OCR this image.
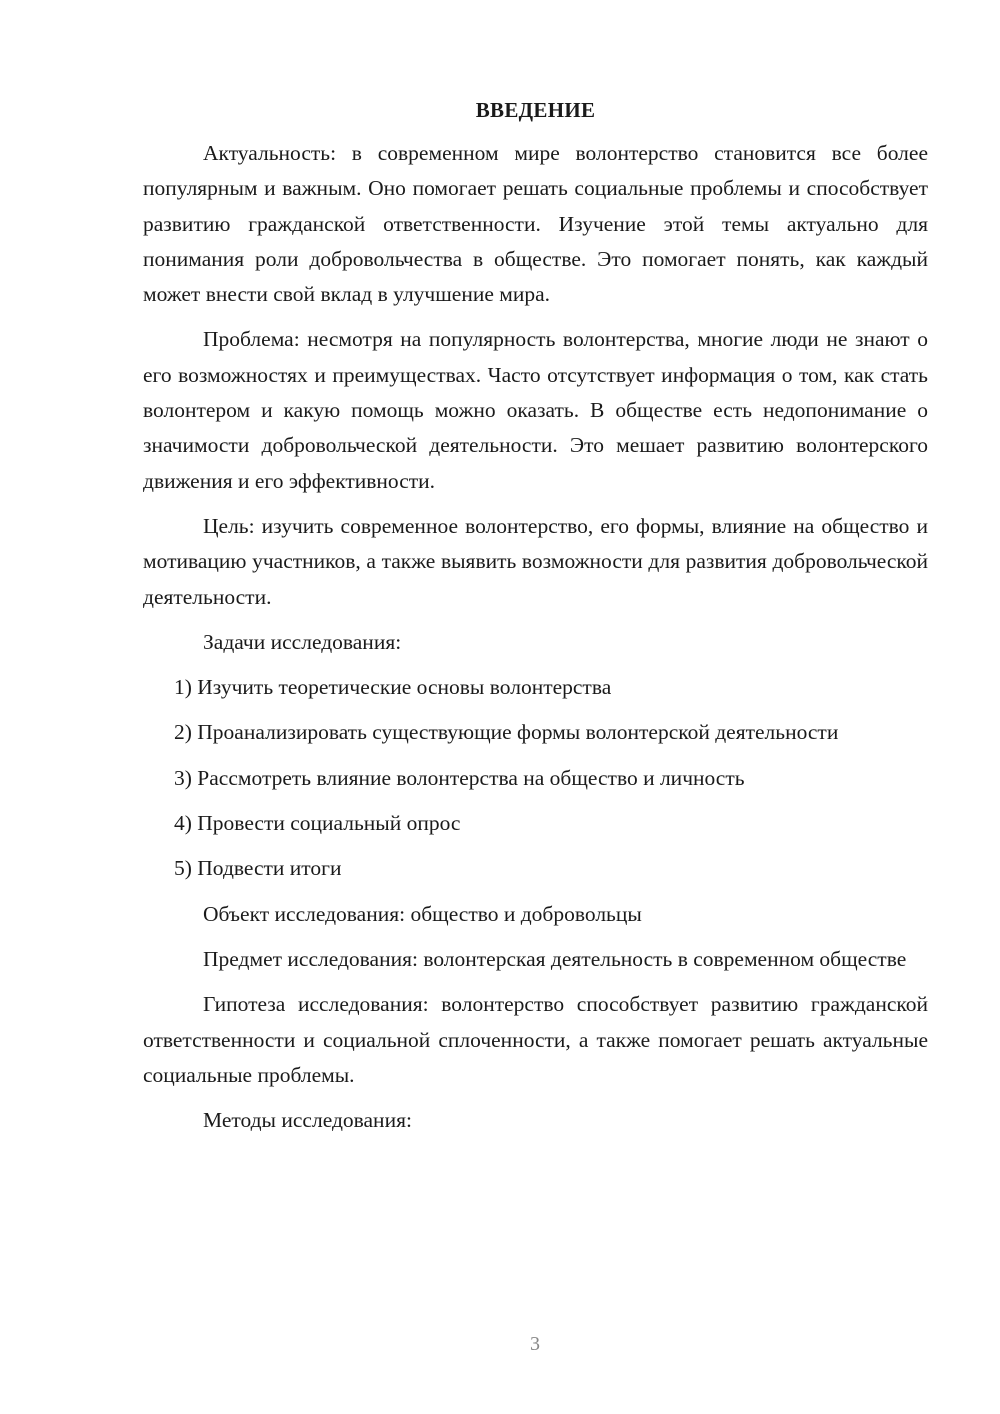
ВВЕДЕНИЕ

Актуальность: в современном мире волонтерство становится все более популярным и важным. Оно помогает решать социальные проблемы и способствует развитию гражданской ответственности. Изучение этой темы актуально для понимания роли добровольчества в обществе. Это помогает понять, как каждый может внести свой вклад в улучшение мира.

Проблема: несмотря на популярность волонтерства, многие люди не знают о его возможностях и преимуществах. Часто отсутствует информация о том, как стать волонтером и какую помощь можно оказать. В обществе есть недопонимание о значимости добровольческой деятельности. Это мешает развитию волонтерского движения и его эффективности.

Цель: изучить современное волонтерство, его формы, влияние на общество и мотивацию участников, а также выявить возможности для развития добровольческой деятельности.

Задачи исследования:

1) Изучить теоретические основы волонтерства

2) Проанализировать существующие формы волонтерской деятельности

3) Рассмотреть влияние волонтерства на общество и личность

4) Провести социальный опрос

5) Подвести итоги

Объект исследования: общество и добровольцы

Предмет исследования: волонтерская деятельность в современном обществе

Гипотеза исследования: волонтерство способствует развитию гражданской ответственности и социальной сплоченности, а также помогает решать актуальные социальные проблемы.

Методы исследования:

3
